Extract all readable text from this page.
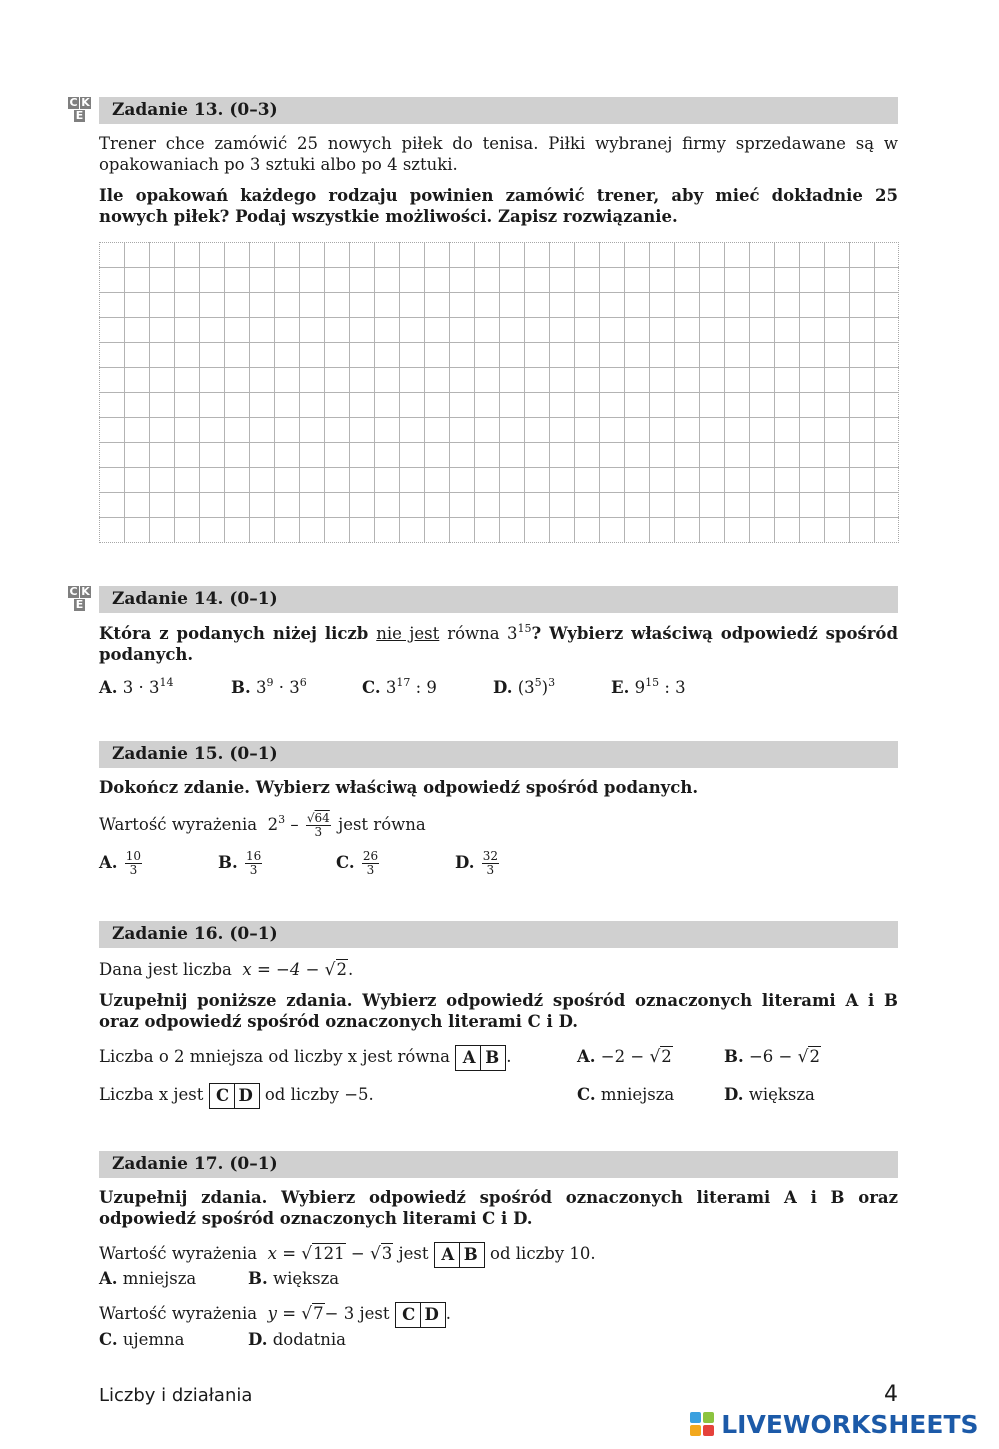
C K
E	Zadanie 13. (0–3)
Trener chce zamówić 25 nowych piłek do tenisa. Piłki wybranej firmy sprzedawane są w opakowaniach po 3 sztuki albo po 4 sztuki.
Ile opakowań każdego rodzaju powinien zamówić trener, aby mieć dokładnie 25 nowych piłek? Podaj wszystkie możliwości. Zapisz rozwiązanie.
C K
E	Zadanie 14. (0–1)
Która z podanych niżej liczb nie jest równa $3^{15}$? Wybierz właściwą odpowiedź spośród podanych.
A. $3 \cdot 3^{14}$	B. $3^9 \cdot 3^6$	C. $3^{17}$ : 9	D. $(3^5)^3$	E. $9^{15}$ : 3
Zadanie 15. (0–1)
Dokończ zdanie. Wybierz właściwą odpowiedź spośród podanych.
Wartość wyrażenia $2^3 - \frac{√64}{3}$ jest równa
A. $\frac{10}{3}$	B. $\frac{16}{3}$	C. $\frac{26}{3}$	D. $\frac{32}{3}$
Zadanie 16. (0–1)
Dana jest liczba x = −4 − √2.
Uzupełnij poniższe zdania. Wybierz odpowiedź spośród oznaczonych literami A i B oraz odpowiedź spośród oznaczonych literami C i D.
Liczba o 2 mniejsza od liczby x jest równa A B .
Liczba x jest C D od liczby −5.
A. −2 − √2	B. −6 − √2
C. mniejsza	D. większa
Zadanie 17. (0–1)
Uzupełnij zdania. Wybierz odpowiedź spośród oznaczonych literami A i B oraz odpowiedź spośród oznaczonych literami C i D.
Wartość wyrażenia x = √121 − √3 jest A B od liczby 10.
A. mniejsza	B. większa
Wartość wyrażenia y = √7− 3 jest C D .
C. ujemna	D. dodatnia
Liczby i działania	4
LIVEWORKSHEETS
